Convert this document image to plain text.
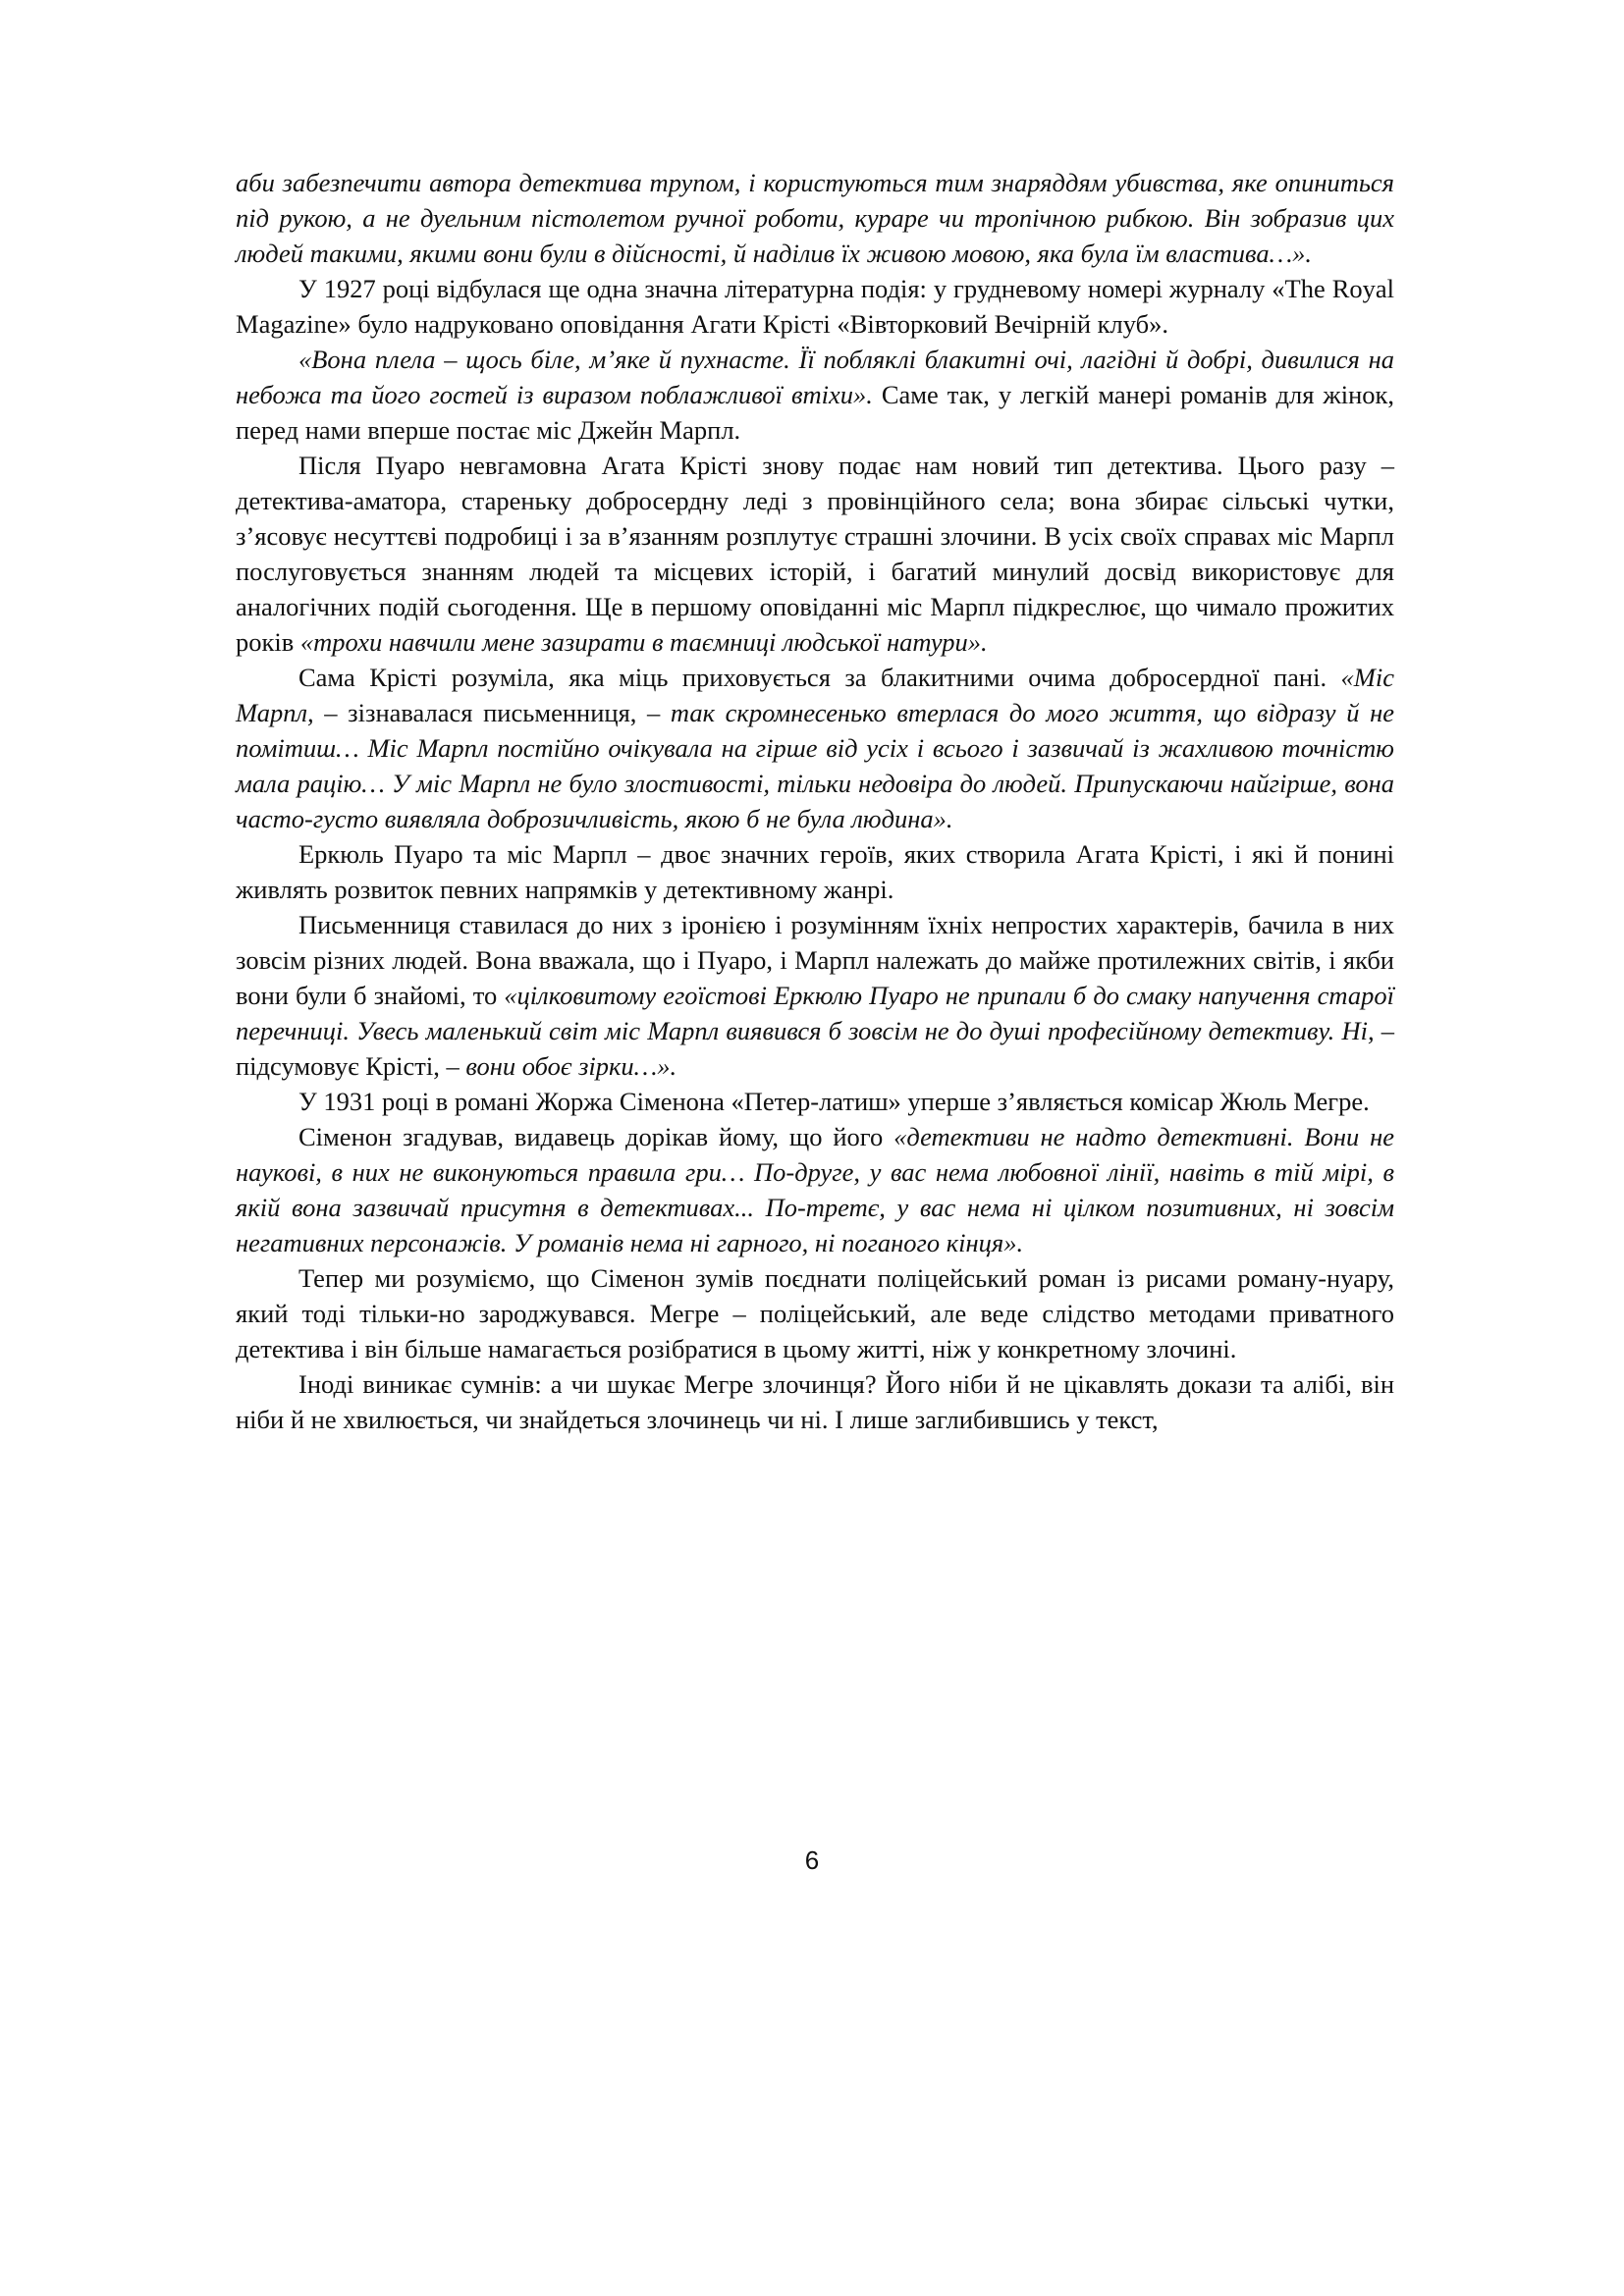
аби забезпечити автора детектива трупом, і користуються тим знаряддям убивства, яке опиниться під рукою, а не дуельним пістолетом ручної роботи, кураре чи тропічною рибкою. Він зобразив цих людей такими, якими вони були в дійсності, й наділив їх живою мовою, яка була їм властива…».

У 1927 році відбулася ще одна значна літературна подія: у грудневому номері журналу «The Royal Magazine» було надруковано оповідання Агати Крісті «Вівторковий Вечірній клуб».

«Вона плела – щось біле, м’яке й пухнасте. Її побляклі блакитні очі, лагідні й добрі, дивилися на небожа та його гостей із виразом поблажливої втіхи». Саме так, у легкій манері романів для жінок, перед нами вперше постає міс Джейн Марпл.

Після Пуаро невгамовна Агата Крісті знову подає нам новий тип детектива. Цього разу – детектива-аматора, стареньку добросердну леді з провінційного села; вона збирає сільські чутки, з’ясовує несуттєві подробиці і за в’язанням розплутує страшні злочини. В усіх своїх справах міс Марпл послуговується знанням людей та місцевих історій, і багатий минулий досвід використовує для аналогічних подій сьогодення. Ще в першому оповіданні міс Марпл підкреслює, що чимало прожитих років «трохи навчили мене зазирати в таємниці людської натури».

Сама Крісті розуміла, яка міць приховується за блакитними очима добросердної пані. «Міс Марпл, – зізнавалася письменниця, – так скромнесенько втерлася до мого життя, що відразу й не помітиш… Міс Марпл постійно очікувала на гірше від усіх і всього і зазвичай із жахливою точністю мала рацію… У міс Марпл не було злостивості, тільки недовіра до людей. Припускаючи найгірше, вона часто-густо виявляла доброзичливість, якою б не була людина».

Еркюль Пуаро та міс Марпл – двоє значних героїв, яких створила Агата Крісті, і які й понині живлять розвиток певних напрямків у детективному жанрі.

Письменниця ставилася до них з іронією і розумінням їхніх непростих характерів, бачила в них зовсім різних людей. Вона вважала, що і Пуаро, і Марпл належать до майже протилежних світів, і якби вони були б знайомі, то «цілковитому егоїстові Еркюлю Пуаро не припали б до смаку напучення старої перечниці. Увесь маленький світ міс Марпл виявився б зовсім не до душі професійному детективу. Ні, – підсумовує Крісті, – вони обоє зірки…».

У 1931 році в романі Жоржа Сіменона «Петер-латиш» уперше з’являється комісар Жюль Мегре.

Сіменон згадував, видавець дорікав йому, що його «детективи не надто детективні. Вони не наукові, в них не виконуються правила гри… По-друге, у вас нема любовної лінії, навіть в тій мірі, в якій вона зазвичай присутня в детективах... По-третє, у вас нема ні цілком позитивних, ні зовсім негативних персонажів. У романів нема ні гарного, ні поганого кінця».

Тепер ми розуміємо, що Сіменон зумів поєднати поліцейський роман із рисами роману-нуару, який тоді тільки-но зароджувався. Мегре – поліцейський, але веде слідство методами приватного детектива і він більше намагається розібратися в цьому житті, ніж у конкретному злочині.

Іноді виникає сумнів: а чи шукає Мегре злочинця? Його ніби й не цікавлять докази та алібі, він ніби й не хвилюється, чи знайдеться злочинець чи ні. І лише заглибившись у текст,

6
